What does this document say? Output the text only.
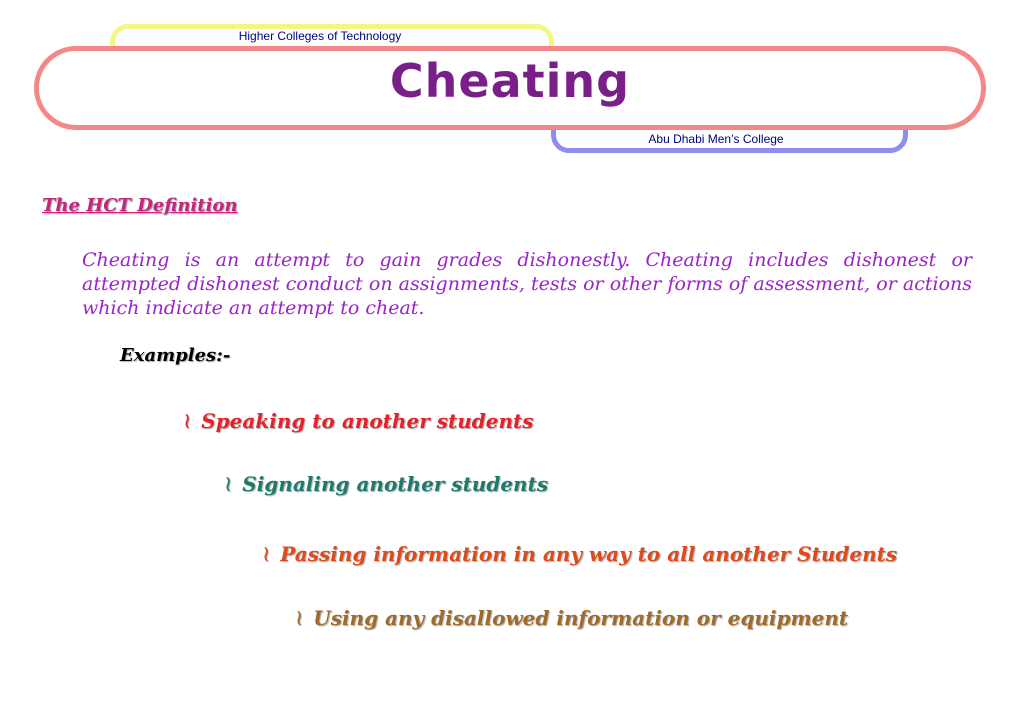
Higher Colleges of Technology
Abu Dhabi Men’s College
Cheating
The HCT Definition
Cheating is an attempt to gain grades dishonestly. Cheating includes dishonest or attempted dishonest conduct on assignments, tests or other forms of assessment, or actions which indicate an attempt to cheat.
Examples:-
≀ Speaking to another students
≀ Signaling another students
≀ Passing information in any way to all another Students
≀ Using any disallowed information or equipment
